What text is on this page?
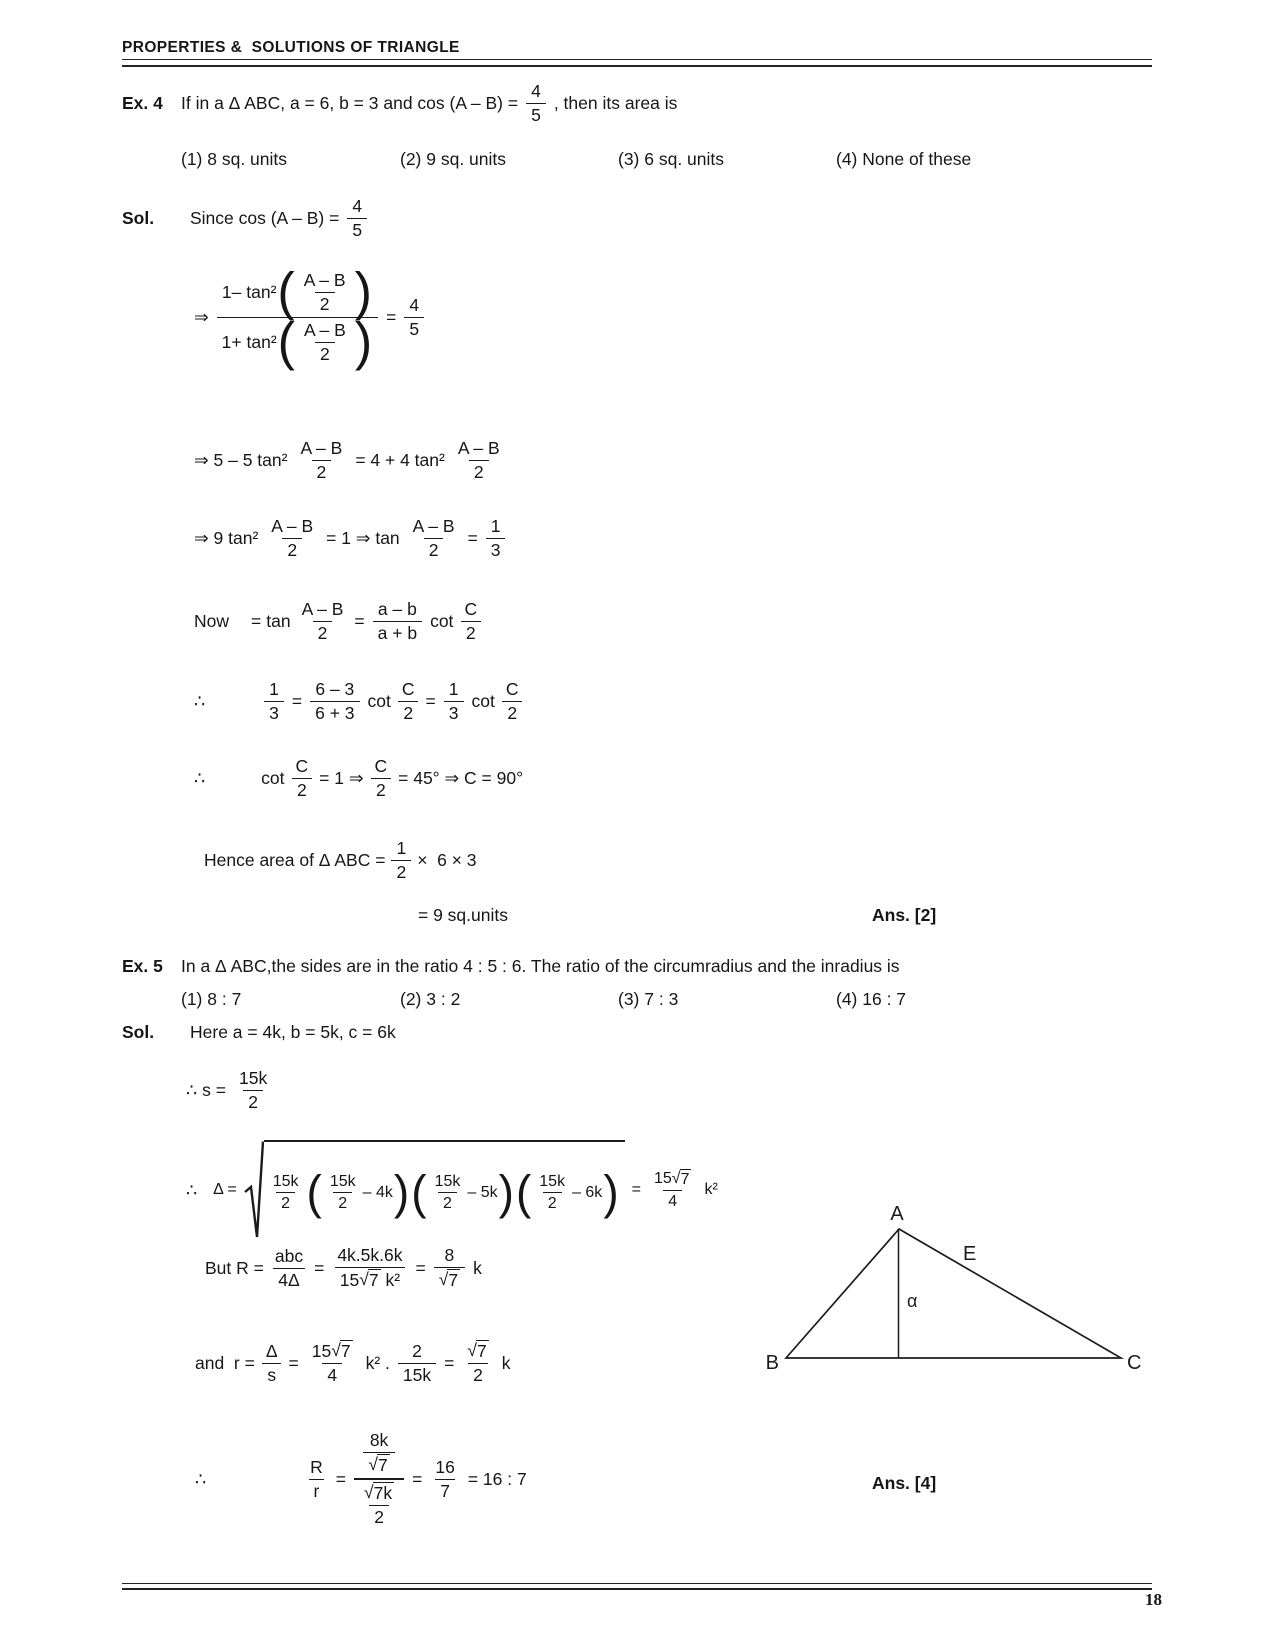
PROPERTIES &  SOLUTIONS OF TRIANGLE
Ex. 4 If in a Δ ABC, a = 6, b = 3 and $\cos (A - B) = \frac{4}{5}$ , then its area is
(1) 8 sq. units	(2) 9 sq. units	(3) 6 sq. units	(4) None of these
Sol. Since $\cos (A - B) = \frac{4}{5}$
⇒
1– tan² ( $\frac{A - B}{2}$ )
1+ tan² ( $\frac{A - B}{2}$ ) = $\frac{4}{5}$
⇒ 5 – 5 $\tan^2 \frac{A - B}{2} = 4 + 4$ $\tan^2 \frac{A - B}{2}$
⇒ 9 $\tan^2 \frac{A - B}{2} = 1$ ⇒ $\tan \frac{A - B}{2} = \frac{1}{3}$
Now = $\tan \frac{A - B}{2} = \frac{a - b}{a + b}$ $\cot \frac{C}{2}$
∴	$\frac{1}{3} = \frac{6 - 3}{6 + 3}$ $\cot \frac{C}{2} = \frac{1}{3}$ $\cot \frac{C}{2}$
∴	$\cot \frac{C}{2} = 1$ ⇒ $\frac{C}{2} = 45^\circ$ ⇒ C = 90°
Hence area of Δ ABC = $\frac{1}{2} \times 6 \times 3$
= 9 sq.units	Ans. [2]
Ex. 5 In a Δ ABC,the sides are in the ratio 4 : 5 : 6. The ratio of the circumradius and the inradius is
(1) 8 : 7	(2) 3 : 2	(3) 7 : 3	(4) 16 : 7
Sol. Here a = 4k, b = 5k, c = 6k
∴ $s = \frac{15k}{2}$
∴ $\Delta = \frac{15k}{2}$ ( $\frac{15k}{2} - 4k$ ) ( $\frac{15k}{2} - 5k$ ) ( $\frac{15k}{2} - 6k$ ) = $\frac{15 √ 7}{4} k^2$
But $R = \frac{\text{abc}}{4\Delta} = \frac{4k.5k.6k}{\text{15 √ 7 k²}} = \frac{8}{√ 7}$ k
and  $r = \frac{\Delta}{s} = \frac{15 √ 7}{4} k^2$ . $\frac{2}{15k} = \frac{√ 7}{2}$ k
∴	$\frac{R}{r} = \frac{\frac{8k}{√ 7}}{\frac{√ 7k}{2}} = \frac{16}{7} = 16$ : 7	Ans. [4]
A
B	C
E
α
18
